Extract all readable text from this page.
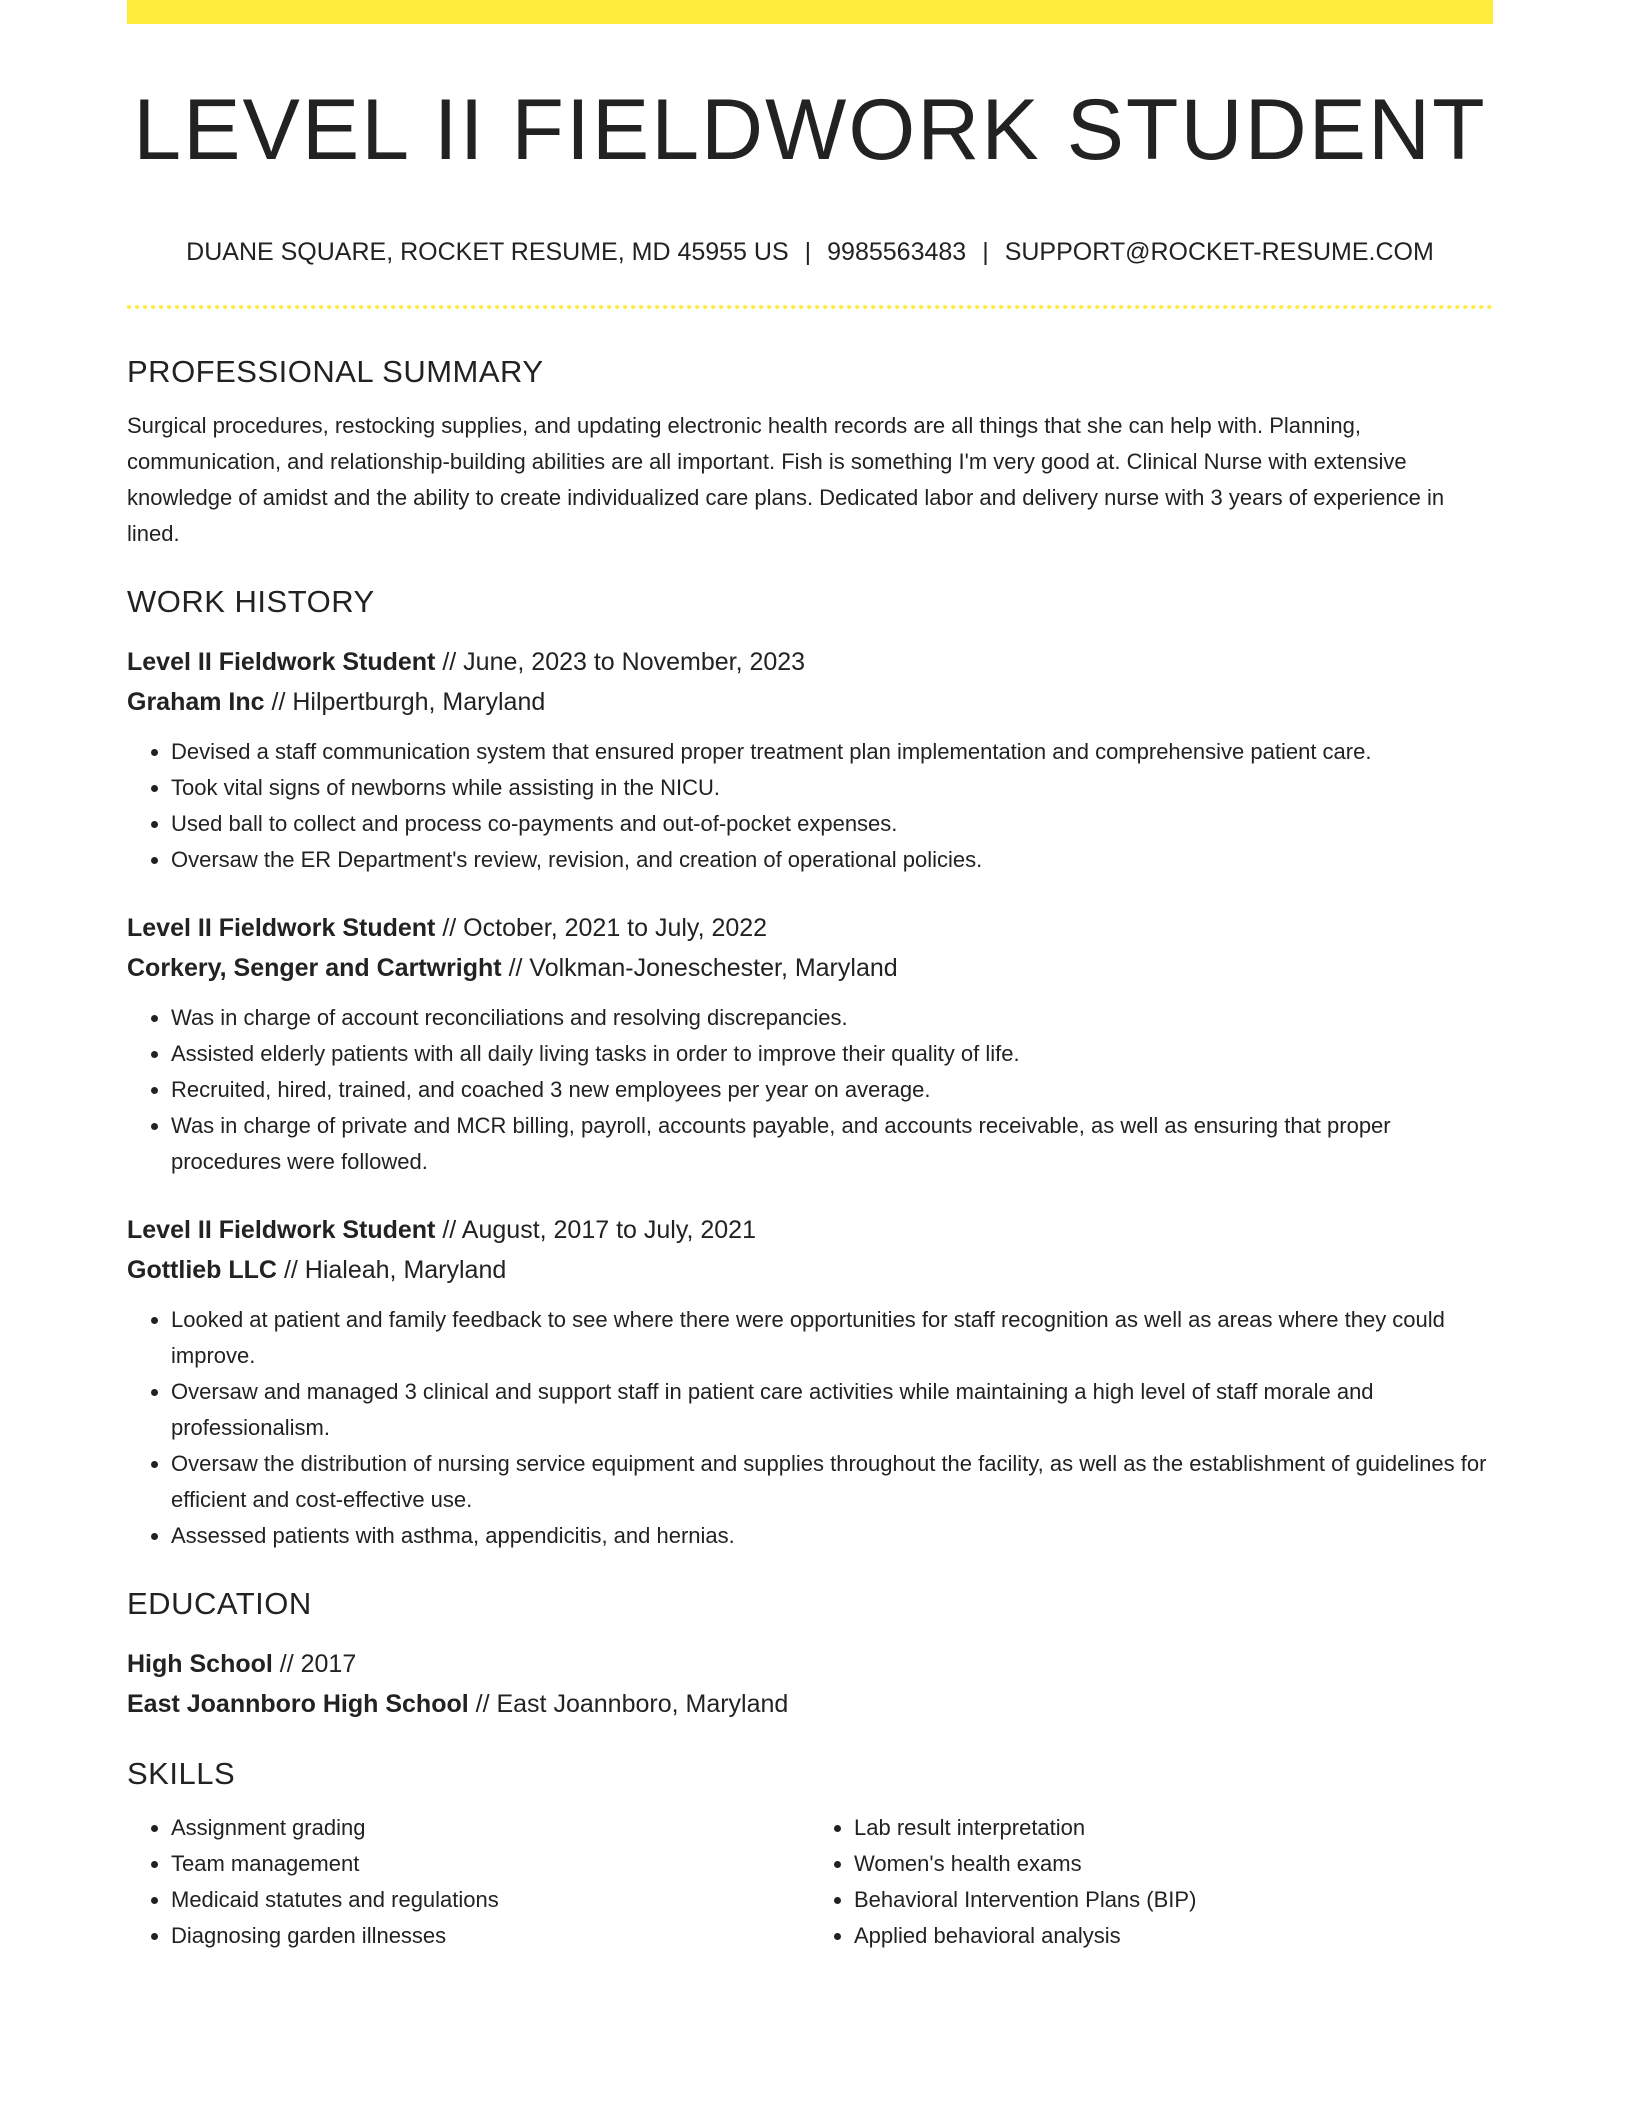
LEVEL II FIELDWORK STUDENT
DUANE SQUARE, ROCKET RESUME, MD 45955 US | 9985563483 | SUPPORT@ROCKET-RESUME.COM
PROFESSIONAL SUMMARY

Surgical procedures, restocking supplies, and updating electronic health records are all things that she can help with. Planning, communication, and relationship-building abilities are all important. Fish is something I'm very good at. Clinical Nurse with extensive knowledge of amidst and the ability to create individualized care plans. Dedicated labor and delivery nurse with 3 years of experience in lined.

WORK HISTORY
Level II Fieldwork Student // June, 2023 to November, 2023
Graham Inc // Hilpertburgh, Maryland
• Devised a staff communication system that ensured proper treatment plan implementation and comprehensive patient care.
• Took vital signs of newborns while assisting in the NICU.
• Used ball to collect and process co-payments and out-of-pocket expenses.
• Oversaw the ER Department's review, revision, and creation of operational policies.
Level II Fieldwork Student // October, 2021 to July, 2022
Corkery, Senger and Cartwright // Volkman-Joneschester, Maryland
• Was in charge of account reconciliations and resolving discrepancies.
• Assisted elderly patients with all daily living tasks in order to improve their quality of life.
• Recruited, hired, trained, and coached 3 new employees per year on average.
• Was in charge of private and MCR billing, payroll, accounts payable, and accounts receivable, as well as ensuring that proper procedures were followed.
Level II Fieldwork Student // August, 2017 to July, 2021
Gottlieb LLC // Hialeah, Maryland
• Looked at patient and family feedback to see where there were opportunities for staff recognition as well as areas where they could improve.
• Oversaw and managed 3 clinical and support staff in patient care activities while maintaining a high level of staff morale and professionalism.
• Oversaw the distribution of nursing service equipment and supplies throughout the facility, as well as the establishment of guidelines for efficient and cost-effective use.
• Assessed patients with asthma, appendicitis, and hernias.
EDUCATION
High School // 2017
East Joannboro High School // East Joannboro, Maryland
SKILLS
• Assignment grading
• Team management
• Medicaid statutes and regulations
• Diagnosing garden illnesses
• Lab result interpretation
• Women's health exams
• Behavioral Intervention Plans (BIP)
• Applied behavioral analysis
